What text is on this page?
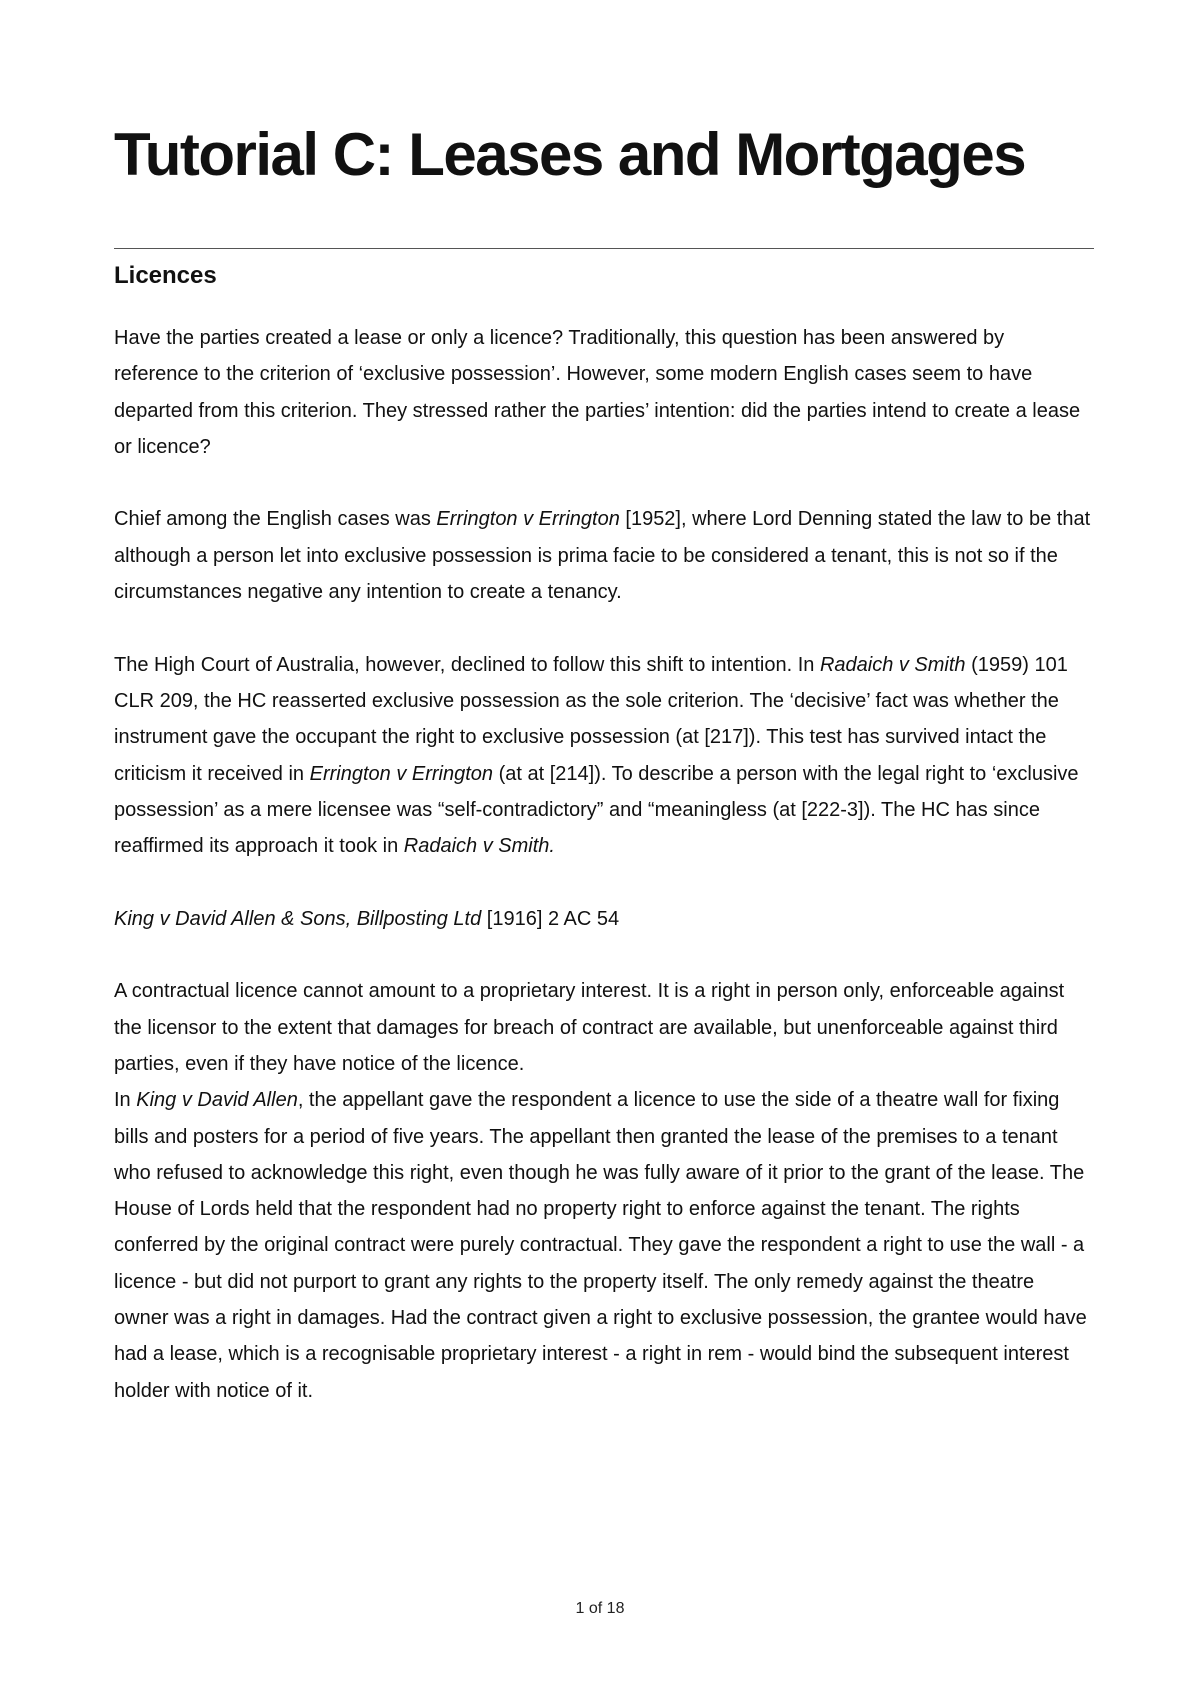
Tutorial C: Leases and Mortgages
Licences

Have the parties created a lease or only a licence? Traditionally, this question has been answered by reference to the criterion of ‘exclusive possession’. However, some modern English cases seem to have departed from this criterion. They stressed rather the parties’ intention: did the parties intend to create a lease or licence?

Chief among the English cases was Errington v Errington [1952], where Lord Denning stated the law to be that although a person let into exclusive possession is prima facie to be considered a tenant, this is not so if the circumstances negative any intention to create a tenancy.

The High Court of Australia, however, declined to follow this shift to intention. In Radaich v Smith (1959) 101 CLR 209, the HC reasserted exclusive possession as the sole criterion. The ‘decisive’ fact was whether the instrument gave the occupant the right to exclusive possession (at [217]). This test has survived intact the criticism it received in Errington v Errington (at at [214]). To describe a person with the legal right to ‘exclusive possession’ as a mere licensee was “self-contradictory” and “meaningless (at [222-3]). The HC has since reaffirmed its approach it took in Radaich v Smith.

King v David Allen & Sons, Billposting Ltd [1916] 2 AC 54

A contractual licence cannot amount to a proprietary interest. It is a right in person only, enforceable against the licensor to the extent that damages for breach of contract are available, but unenforceable against third parties, even if they have notice of the licence.

In King v David Allen, the appellant gave the respondent a licence to use the side of a theatre wall for fixing bills and posters for a period of five years. The appellant then granted the lease of the premises to a tenant who refused to acknowledge this right, even though he was fully aware of it prior to the grant of the lease. The House of Lords held that the respondent had no property right to enforce against the tenant. The rights conferred by the original contract were purely contractual. They gave the respondent a right to use the wall - a licence - but did not purport to grant any rights to the property itself. The only remedy against the theatre owner was a right in damages. Had the contract given a right to exclusive possession, the grantee would have had a lease, which is a recognisable proprietary interest - a right in rem - would bind the subsequent interest holder with notice of it.

1 of 18
